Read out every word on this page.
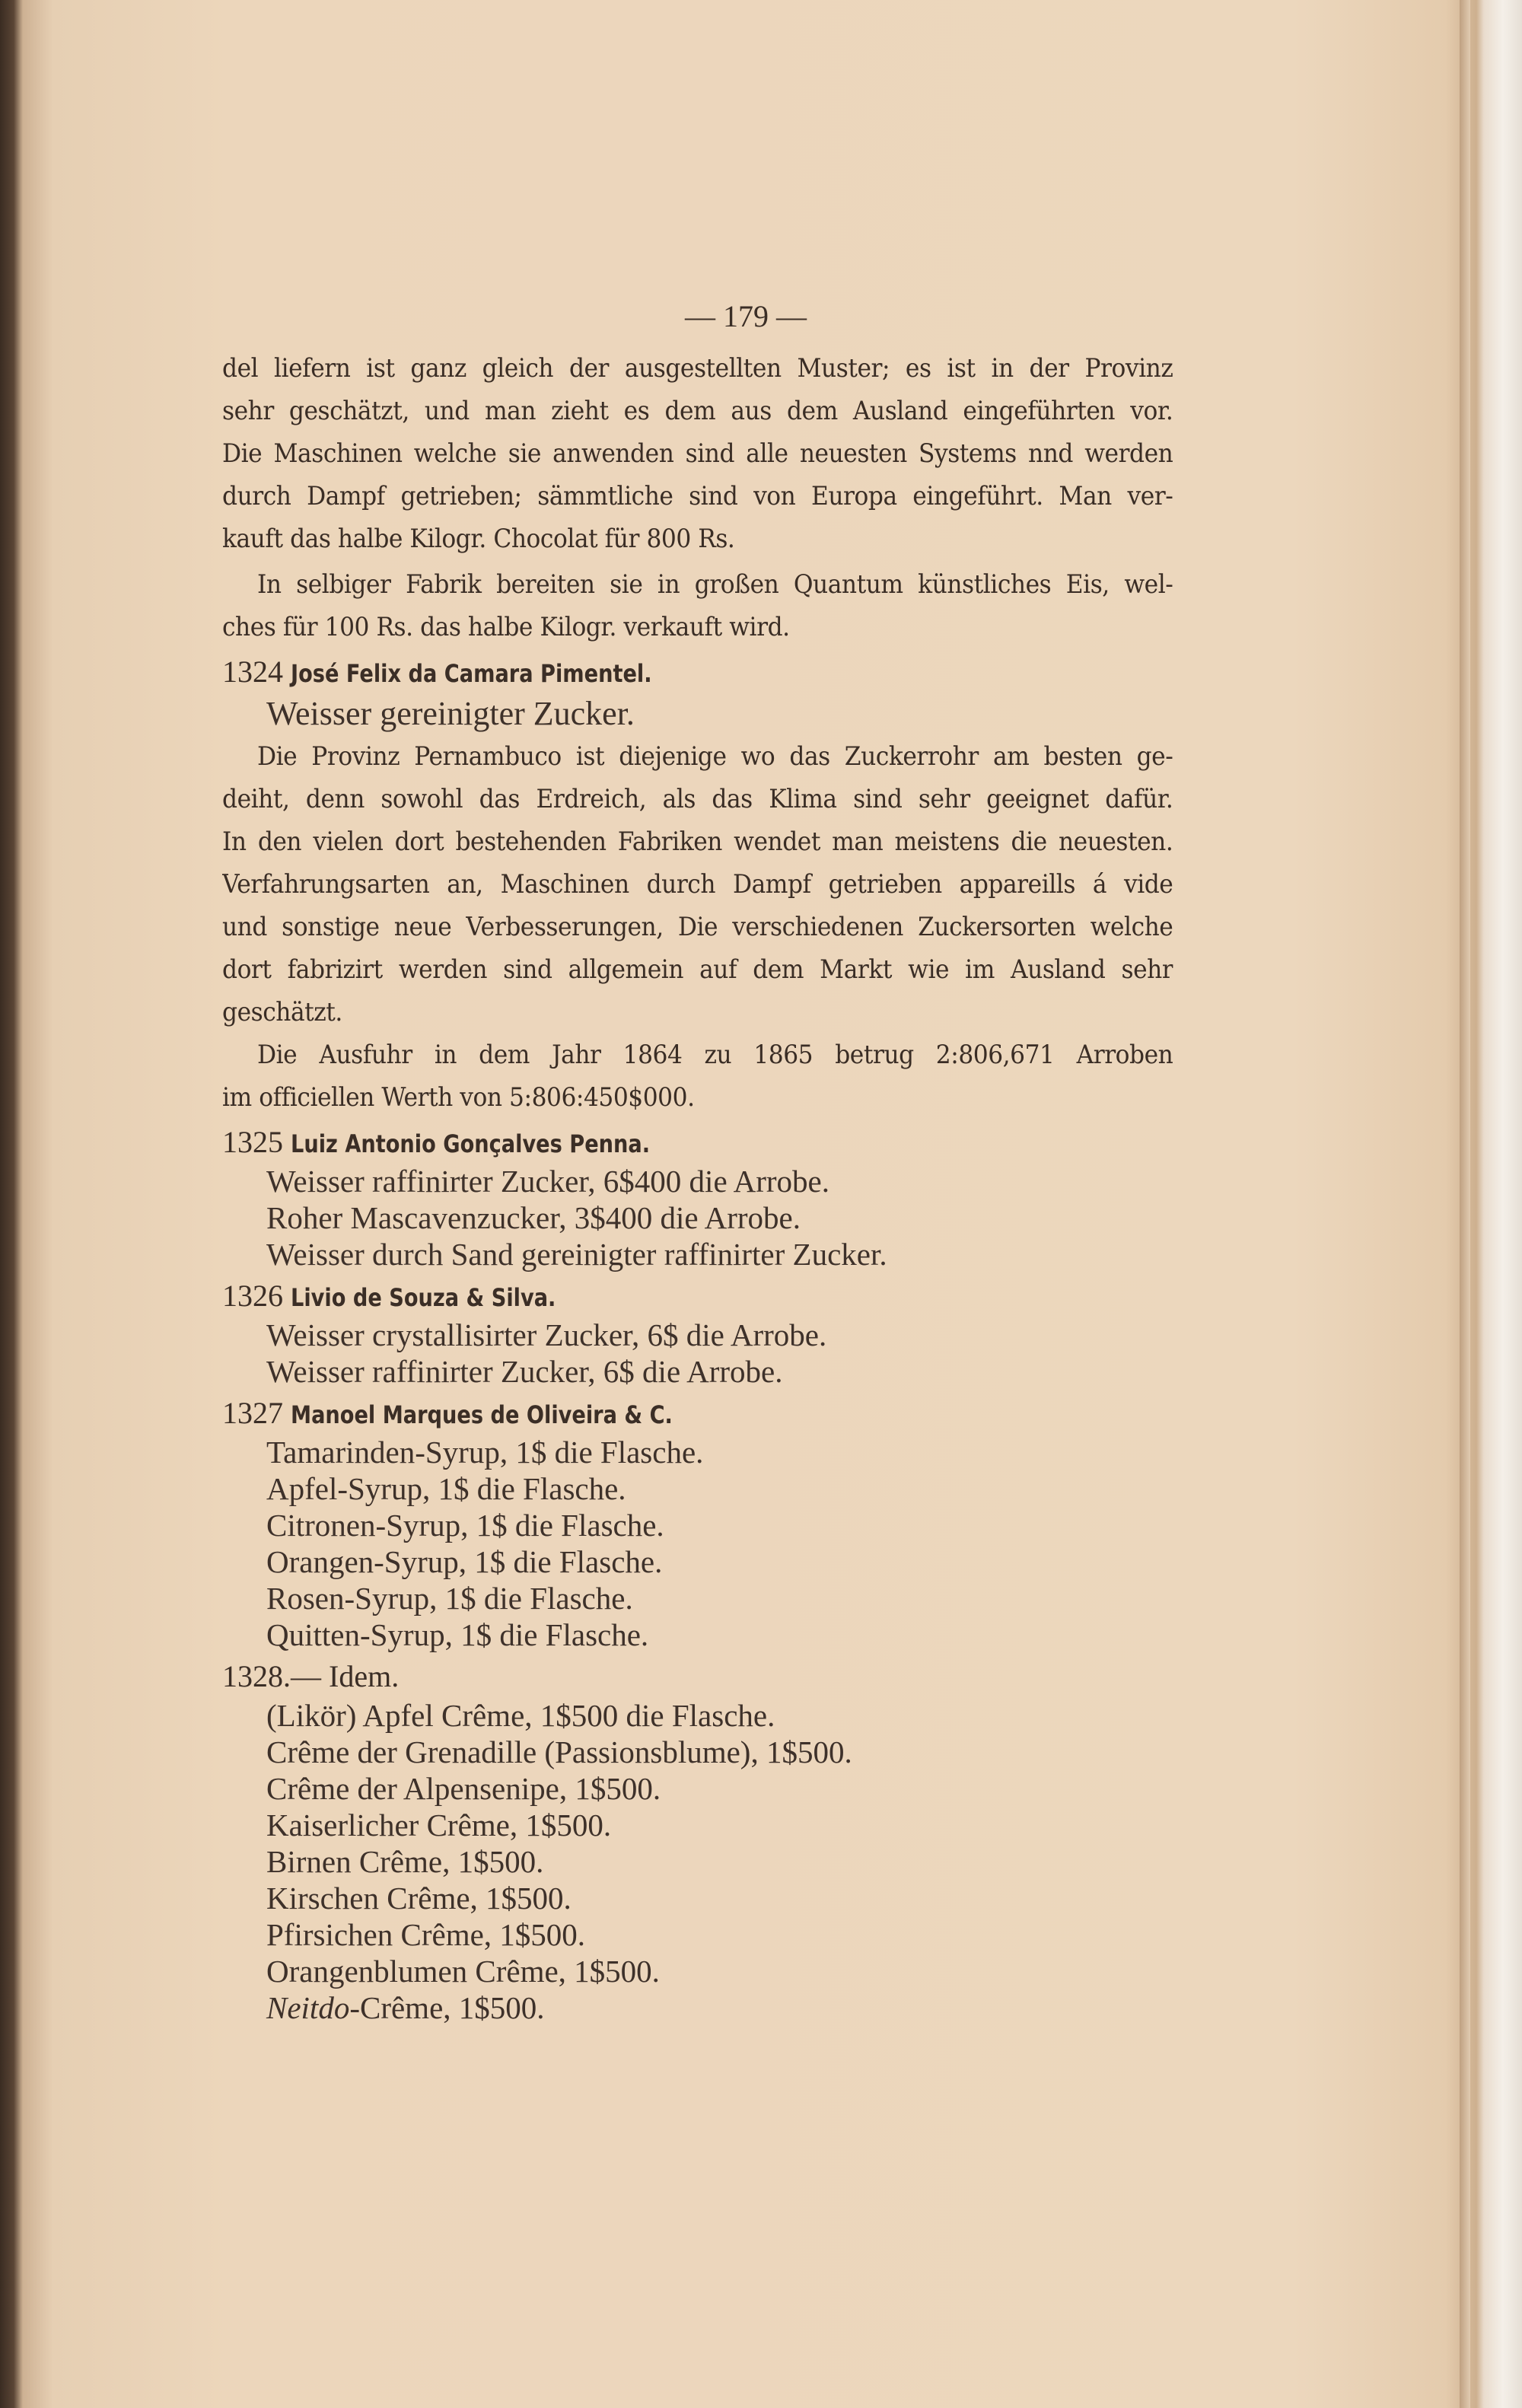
— 179 —
del liefern ist ganz gleich der ausgestellten Muster; es ist in der Provinz
sehr geschätzt, und man zieht es dem aus dem Ausland eingeführten vor.
Die Maschinen welche sie anwenden sind alle neuesten Systems nnd werden
durch Dampf getrieben; sämmtliche sind von Europa eingeführt. Man ver-
kauft das halbe Kilogr. Chocolat für 800 Rs.
In selbiger Fabrik bereiten sie in großen Quantum künstliches Eis, wel-
ches für 100 Rs. das halbe Kilogr. verkauft wird.
1324 José Felix da Camara Pimentel.
Weisser gereinigter Zucker.
Die Provinz Pernambuco ist diejenige wo das Zuckerrohr am besten ge-
deiht, denn sowohl das Erdreich, als das Klima sind sehr geeignet dafür.
In den vielen dort bestehenden Fabriken wendet man meistens die neuesten.
Verfahrungsarten an, Maschinen durch Dampf getrieben appareills á vide
und sonstige neue Verbesserungen, Die verschiedenen Zuckersorten welche
dort fabrizirt werden sind allgemein auf dem Markt wie im Ausland sehr
geschätzt.
Die Ausfuhr in dem Jahr 1864 zu 1865 betrug 2:806,671 Arroben
im officiellen Werth von 5:806:450$000.
1325 Luiz Antonio Gonçalves Penna.
Weisser raffinirter Zucker, 6$400 die Arrobe.
Roher Mascavenzucker, 3$400 die Arrobe.
Weisser durch Sand gereinigter raffinirter Zucker.
1326 Livio de Souza & Silva.
Weisser crystallisirter Zucker, 6$ die Arrobe.
Weisser raffinirter Zucker, 6$ die Arrobe.
1327 Manoel Marques de Oliveira & C.
Tamarinden-Syrup, 1$ die Flasche.
Apfel-Syrup, 1$ die Flasche.
Citronen-Syrup, 1$ die Flasche.
Orangen-Syrup, 1$ die Flasche.
Rosen-Syrup, 1$ die Flasche.
Quitten-Syrup, 1$ die Flasche.
1328.— Idem.
(Likör) Apfel Crême, 1$500 die Flasche.
Crême der Grenadille (Passionsblume), 1$500.
Crême der Alpensenipe, 1$500.
Kaiserlicher Crême, 1$500.
Birnen Crême, 1$500.
Kirschen Crême, 1$500.
Pfirsichen Crême, 1$500.
Orangenblumen Crême, 1$500.
Neitdo-Crême, 1$500.
